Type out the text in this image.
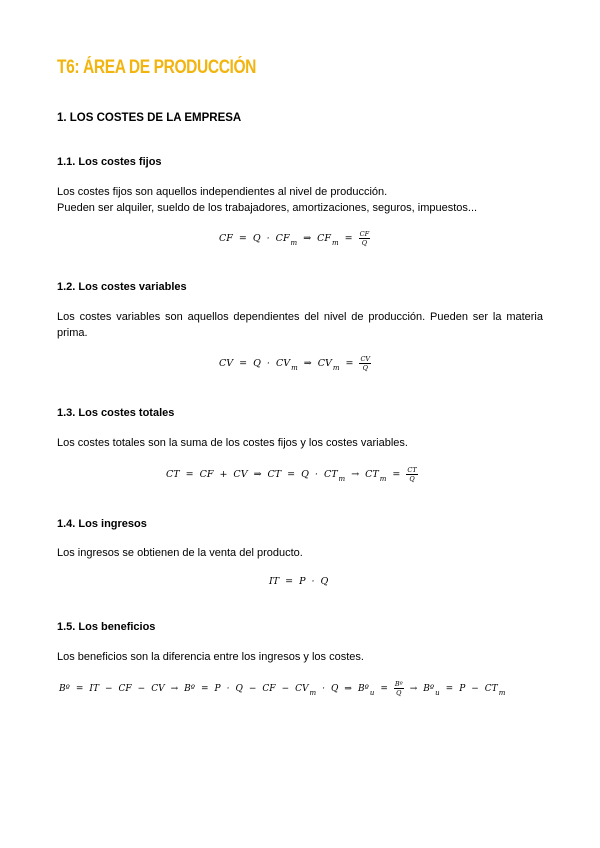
T6: ÁREA DE PRODUCCIÓN
1. LOS COSTES DE LA EMPRESA
1.1. Los costes fijos
Los costes fijos son aquellos independientes al nivel de producción.
Pueden ser alquiler, sueldo de los trabajadores, amortizaciones, seguros, impuestos...
CF = $Q \cdot CF_m$ ⇒ $CF_m = \frac{CF}{Q}$
1.2. Los costes variables
Los costes variables son aquellos dependientes del nivel de producción. Pueden ser la materia prima.
CV = $Q \cdot CV_m$ ⇒ $CV_m = \frac{CV}{Q}$
1.3. Los costes totales
Los costes totales son la suma de los costes fijos y los costes variables.
CT = CF + CV ⇒ CT = $Q \cdot CT_m \to CT_m = \frac{CT}{Q}$
1.4. Los ingresos
Los ingresos se obtienen de la venta del producto.
IT = P · Q
1.5. Los beneficios
Los beneficios son la diferencia entre los ingresos y los costes.
Bº = IT − CF − CV → Bº = P · Q − CF − $CV_m \cdot Q$ ⇒ Bº$_u$ = $\frac{\text{Bº}}{Q}$ → Bº$_u$ = $P - CT_m$
